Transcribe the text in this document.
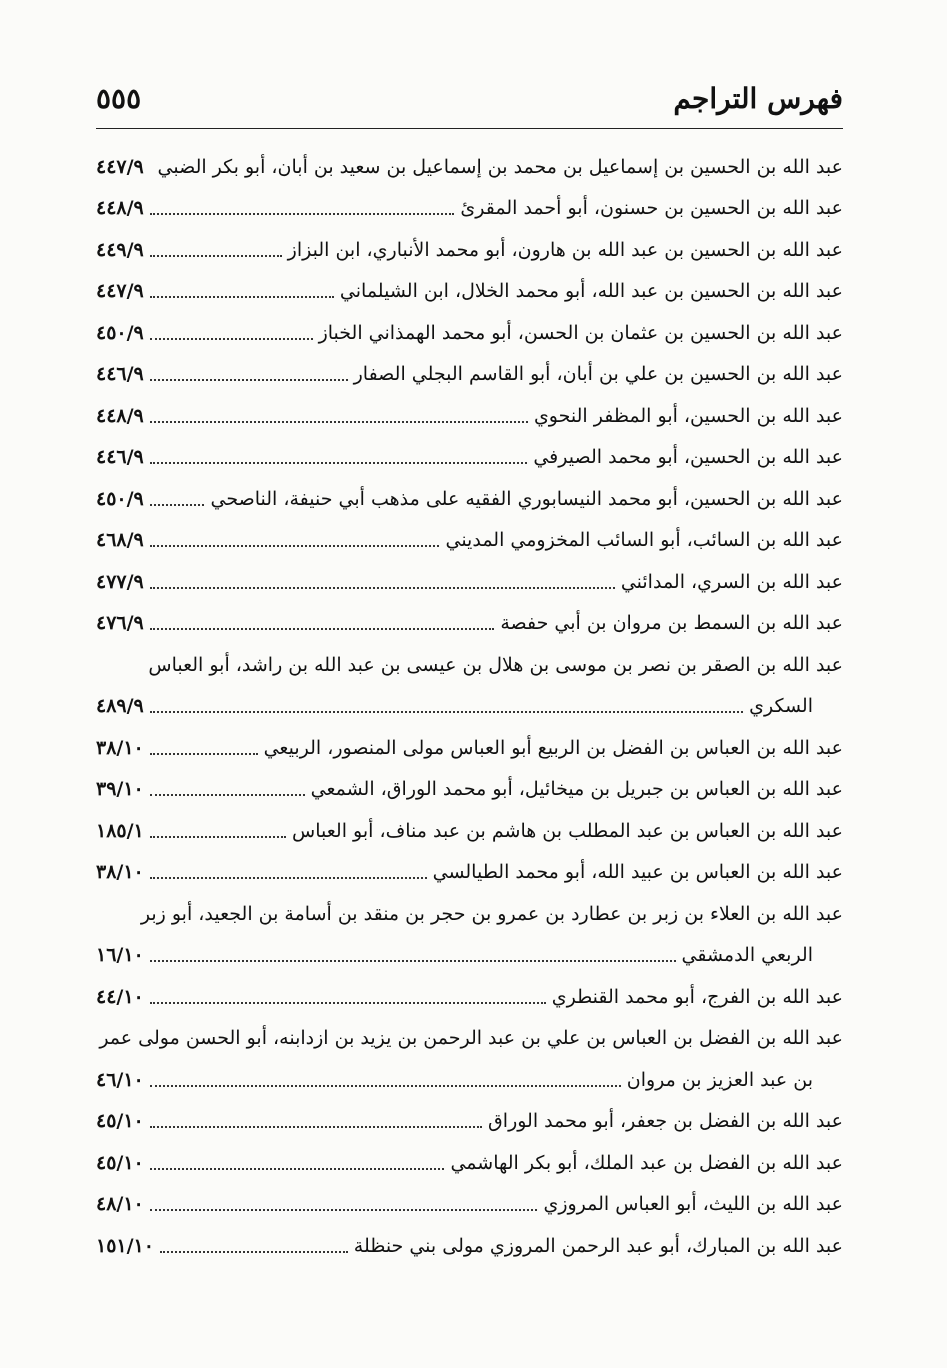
فهرس التراجم
٥٥٥
عبد الله بن الحسين بن إسماعيل بن محمد بن إسماعيل بن سعيد بن أبان، أبو بكر الضبي
٤٤٧/٩
عبد الله بن الحسين بن حسنون، أبو أحمد المقرئ
٤٤٨/٩
عبد الله بن الحسين بن عبد الله بن هارون، أبو محمد الأنباري، ابن البزاز
٤٤٩/٩
عبد الله بن الحسين بن عبد الله، أبو محمد الخلال، ابن الشيلماني
٤٤٧/٩
عبد الله بن الحسين بن عثمان بن الحسن، أبو محمد الهمذاني الخباز
٤٥٠/٩
عبد الله بن الحسين بن علي بن أبان، أبو القاسم البجلي الصفار
٤٤٦/٩
عبد الله بن الحسين، أبو المظفر النحوي
٤٤٨/٩
عبد الله بن الحسين، أبو محمد الصيرفي
٤٤٦/٩
عبد الله بن الحسين، أبو محمد النيسابوري الفقيه على مذهب أبي حنيفة، الناصحي
٤٥٠/٩
عبد الله بن السائب، أبو السائب المخزومي المديني
٤٦٨/٩
عبد الله بن السري، المدائني
٤٧٧/٩
عبد الله بن السمط بن مروان بن أبي حفصة
٤٧٦/٩
عبد الله بن الصقر بن نصر بن موسى بن هلال بن عيسى بن عبد الله بن راشد، أبو العباس
السكري
٤٨٩/٩
عبد الله بن العباس بن الفضل بن الربيع أبو العباس مولى المنصور، الربيعي
٣٨/١٠
عبد الله بن العباس بن جبريل بن ميخائيل، أبو محمد الوراق، الشمعي
٣٩/١٠
عبد الله بن العباس بن عبد المطلب بن هاشم بن عبد مناف، أبو العباس
١٨٥/١
عبد الله بن العباس بن عبيد الله، أبو محمد الطيالسي
٣٨/١٠
عبد الله بن العلاء بن زبر بن عطارد بن عمرو بن حجر بن منقد بن أسامة بن الجعيد، أبو زبر
الربعي الدمشقي
١٦/١٠
عبد الله بن الفرج، أبو محمد القنطري
٤٤/١٠
عبد الله بن الفضل بن العباس بن علي بن عبد الرحمن بن يزيد بن ازدابنه، أبو الحسن مولى عمر
بن عبد العزيز بن مروان
٤٦/١٠
عبد الله بن الفضل بن جعفر، أبو محمد الوراق
٤٥/١٠
عبد الله بن الفضل بن عبد الملك، أبو بكر الهاشمي
٤٥/١٠
عبد الله بن الليث، أبو العباس المروزي
٤٨/١٠
عبد الله بن المبارك، أبو عبد الرحمن المروزي مولى بني حنظلة
١٥١/١٠
